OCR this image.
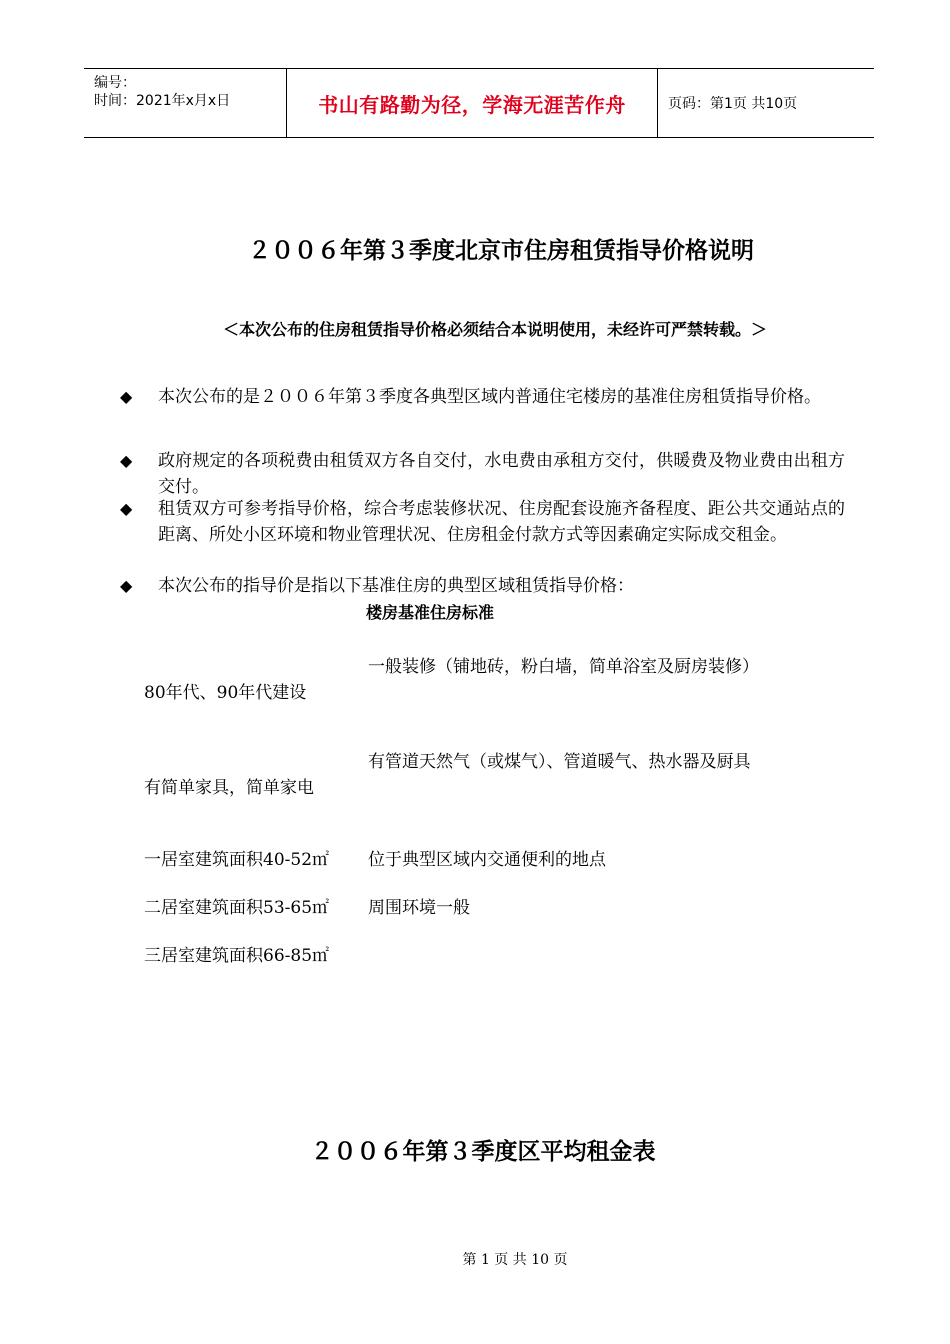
编号：
时间：2021年x月x日	书山有路勤为径，学海无涯苦作舟	页码：第1页 共10页
２００６年第３季度北京市住房租赁指导价格说明
＜本次公布的住房租赁指导价格必须结合本说明使用，未经许可严禁转载。＞
◆ 本次公布的是２００６年第３季度各典型区域内普通住宅楼房的基准住房租赁指导价格。
◆ 政府规定的各项税费由租赁双方各自交付，水电费由承租方交付，供暖费及物业费由出租方交付。
◆ 租赁双方可参考指导价格，综合考虑装修状况、住房配套设施齐备程度、距公共交通站点的距离、所处小区环境和物业管理状况、住房租金付款方式等因素确定实际成交租金。
◆ 本次公布的指导价是指以下基准住房的典型区域租赁指导价格：
楼房基准住房标准
80年代、90年代建设
有简单家具，简单家电
一居室建筑面积40-52㎡
二居室建筑面积53-65㎡
三居室建筑面积66-85㎡
一般装修（铺地砖，粉白墙，简单浴室及厨房装修）
有管道天然气（或煤气）、管道暖气、热水器及厨具
位于典型区域内交通便利的地点
周围环境一般
２００６年第３季度区平均租金表
第 1 页 共 10 页
